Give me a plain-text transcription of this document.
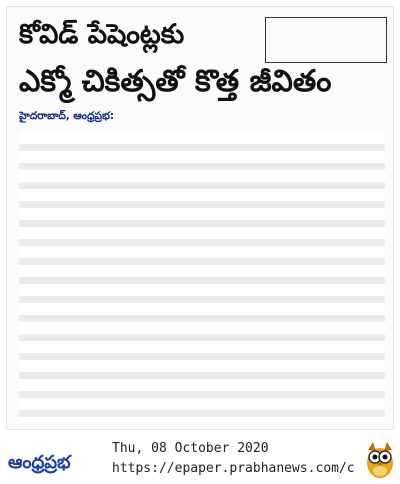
కోవిడ్ పేషెంట్లకు
ఎక్మో చికిత్సతో కొత్త జీవితం
హైదరాబాద్, ఆంధ్రప్రభ:
ఆంధ్రప్రభ
Thu, 08 October 2020
https://epaper.prabhanews.com/c
